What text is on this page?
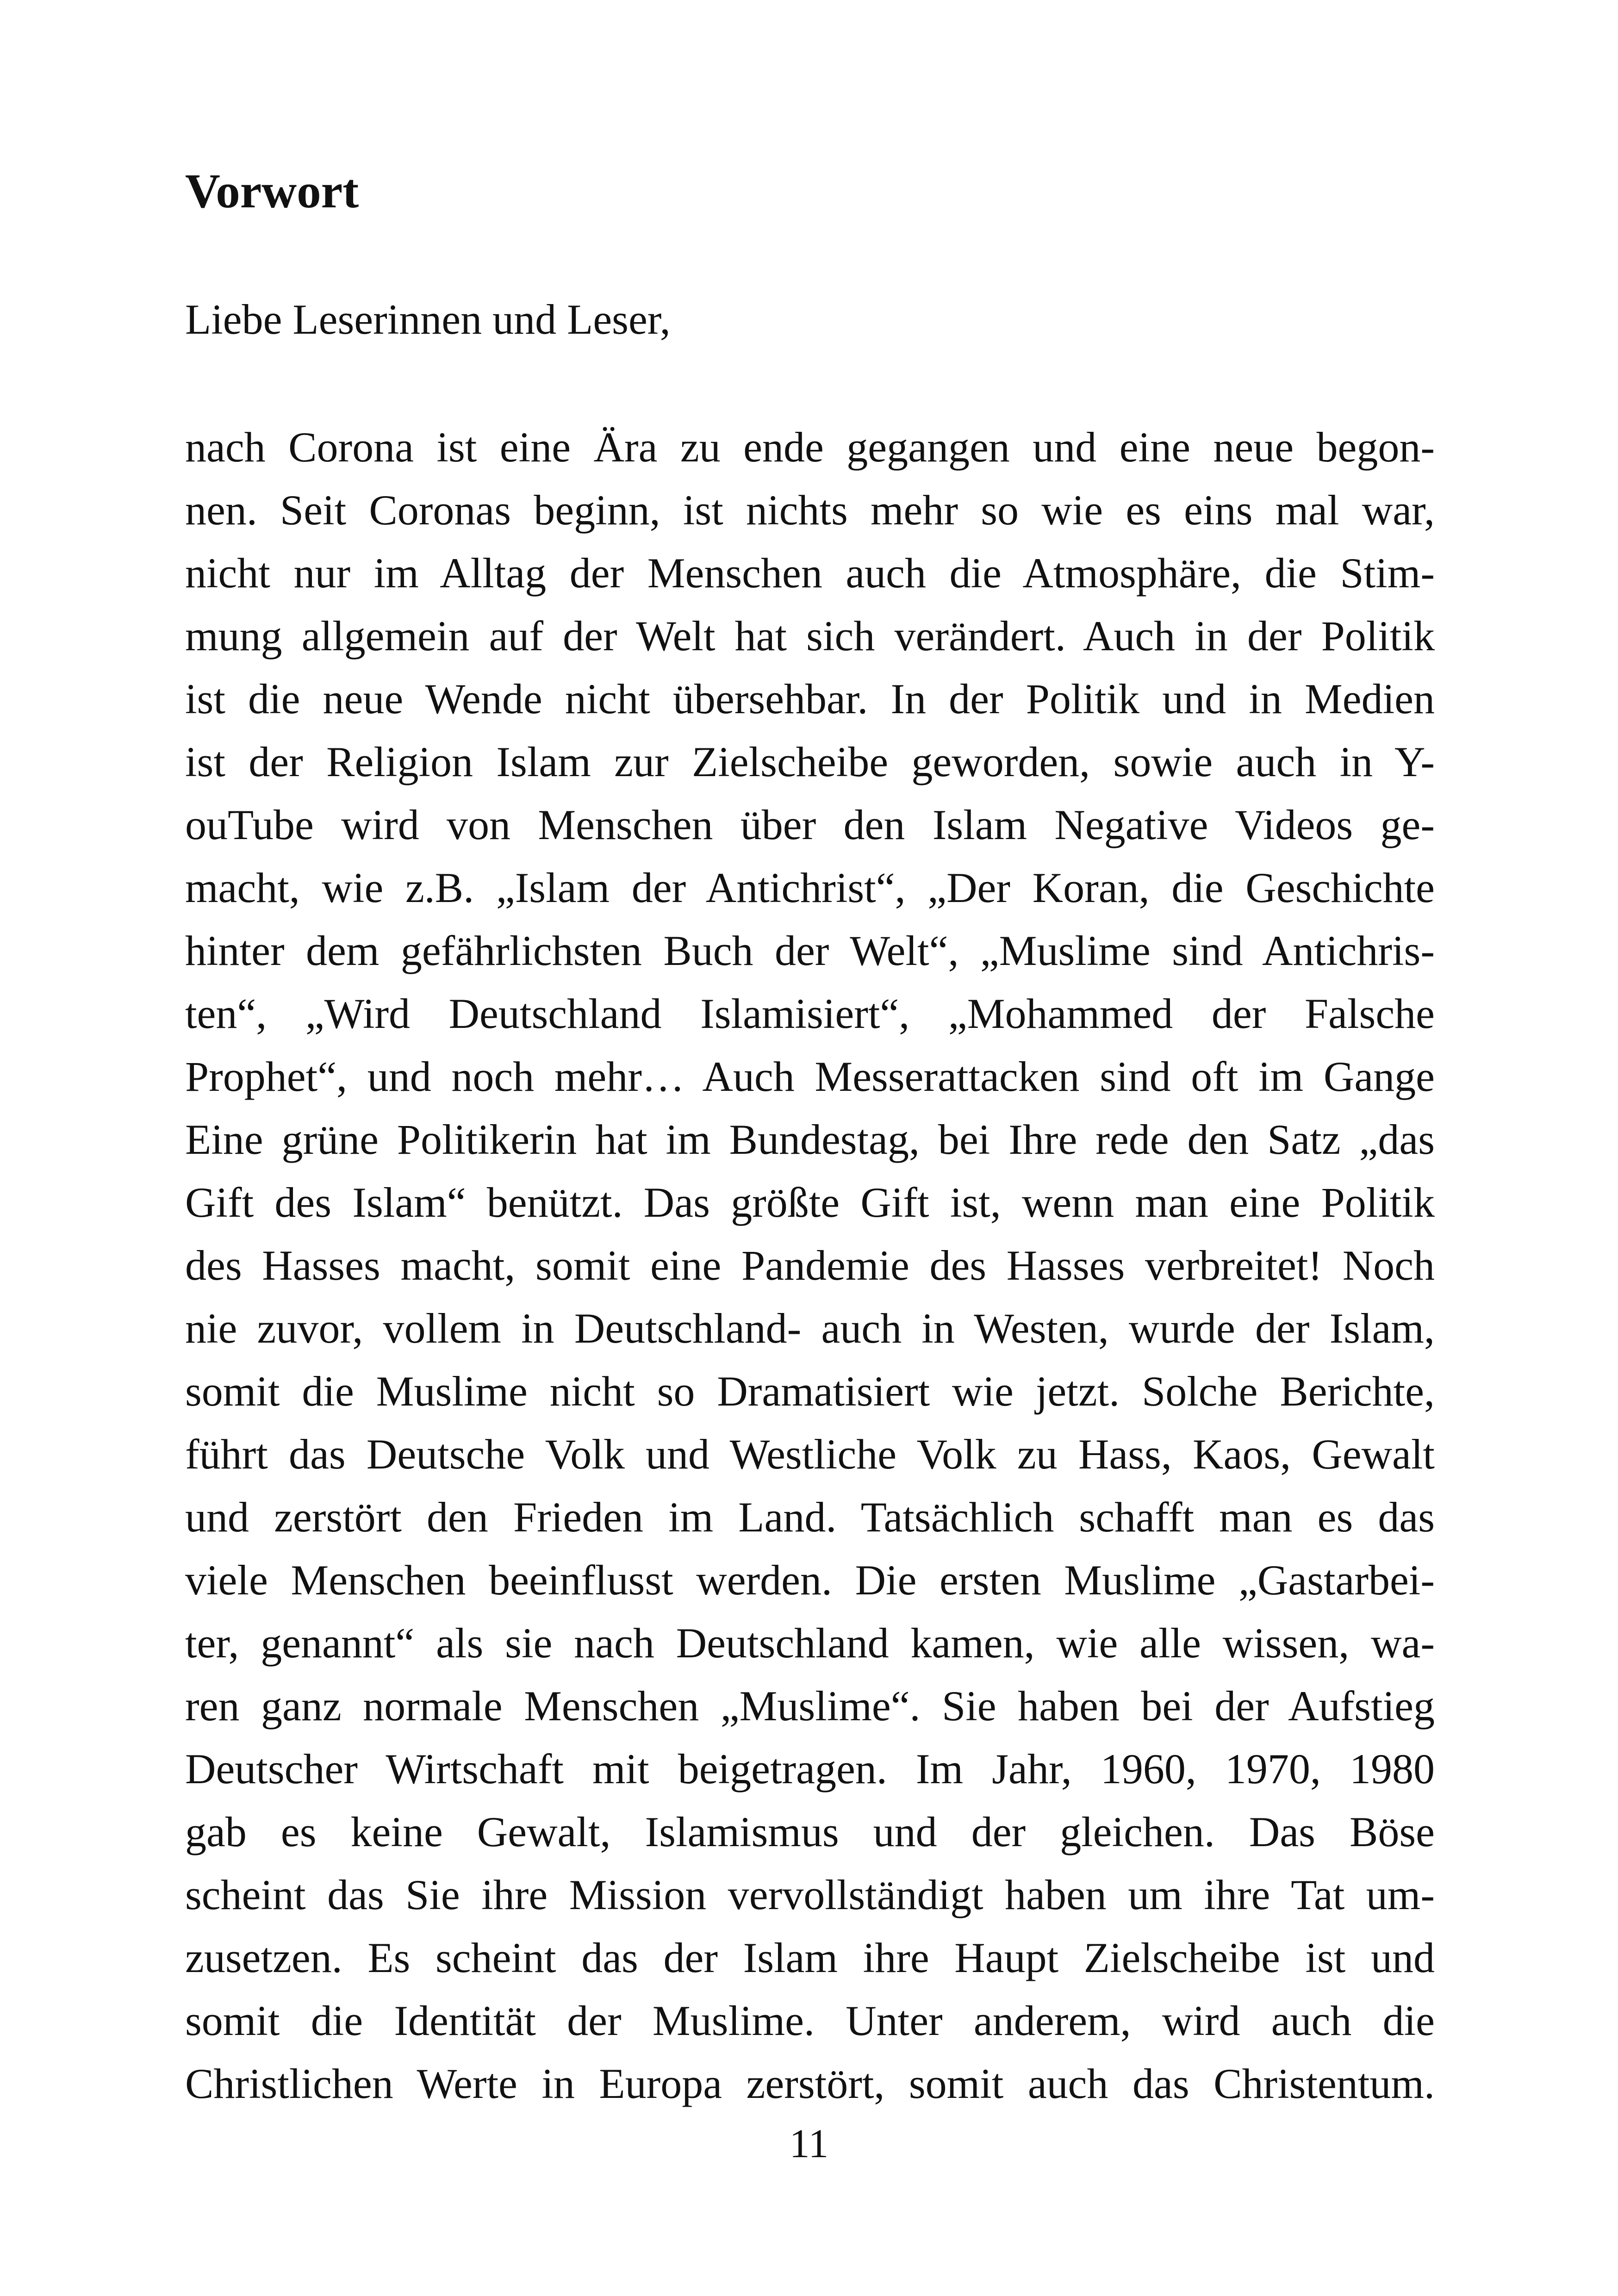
Vorwort

Liebe Leserinnen und Leser,

nach Corona ist eine Ära zu ende gegangen und eine neue begon-
nen. Seit Coronas beginn, ist nichts mehr so wie es eins mal war,
nicht nur im Alltag der Menschen auch die Atmosphäre, die Stim-
mung allgemein auf der Welt hat sich verändert. Auch in der Politik
ist die neue Wende nicht übersehbar. In der Politik und in Medien
ist der Religion Islam zur Zielscheibe geworden, sowie auch in Y-
ouTube wird von Menschen über den Islam Negative Videos ge-
macht, wie z.B. „Islam der Antichrist“, „Der Koran, die Geschichte
hinter dem gefährlichsten Buch der Welt“, „Muslime sind Antichris-
ten“, „Wird Deutschland Islamisiert“, „Mohammed der Falsche
Prophet“, und noch mehr… Auch Messerattacken sind oft im Gange
Eine grüne Politikerin hat im Bundestag, bei Ihre rede den Satz „das
Gift des Islam“ benützt. Das größte Gift ist, wenn man eine Politik
des Hasses macht, somit eine Pandemie des Hasses verbreitet! Noch
nie zuvor, vollem in Deutschland- auch in Westen, wurde der Islam,
somit die Muslime nicht so Dramatisiert wie jetzt. Solche Berichte,
führt das Deutsche Volk und Westliche Volk zu Hass, Kaos, Gewalt
und zerstört den Frieden im Land. Tatsächlich schafft man es das
viele Menschen beeinflusst werden. Die ersten Muslime „Gastarbei-
ter, genannt“ als sie nach Deutschland kamen, wie alle wissen, wa-
ren ganz normale Menschen „Muslime“. Sie haben bei der Aufstieg
Deutscher Wirtschaft mit beigetragen. Im Jahr, 1960, 1970, 1980
gab es keine Gewalt, Islamismus und der gleichen. Das Böse
scheint das Sie ihre Mission vervollständigt haben um ihre Tat um-
zusetzen. Es scheint das der Islam ihre Haupt Zielscheibe ist und
somit die Identität der Muslime. Unter anderem, wird auch die
Christlichen Werte in Europa zerstört, somit auch das Christentum.

11
